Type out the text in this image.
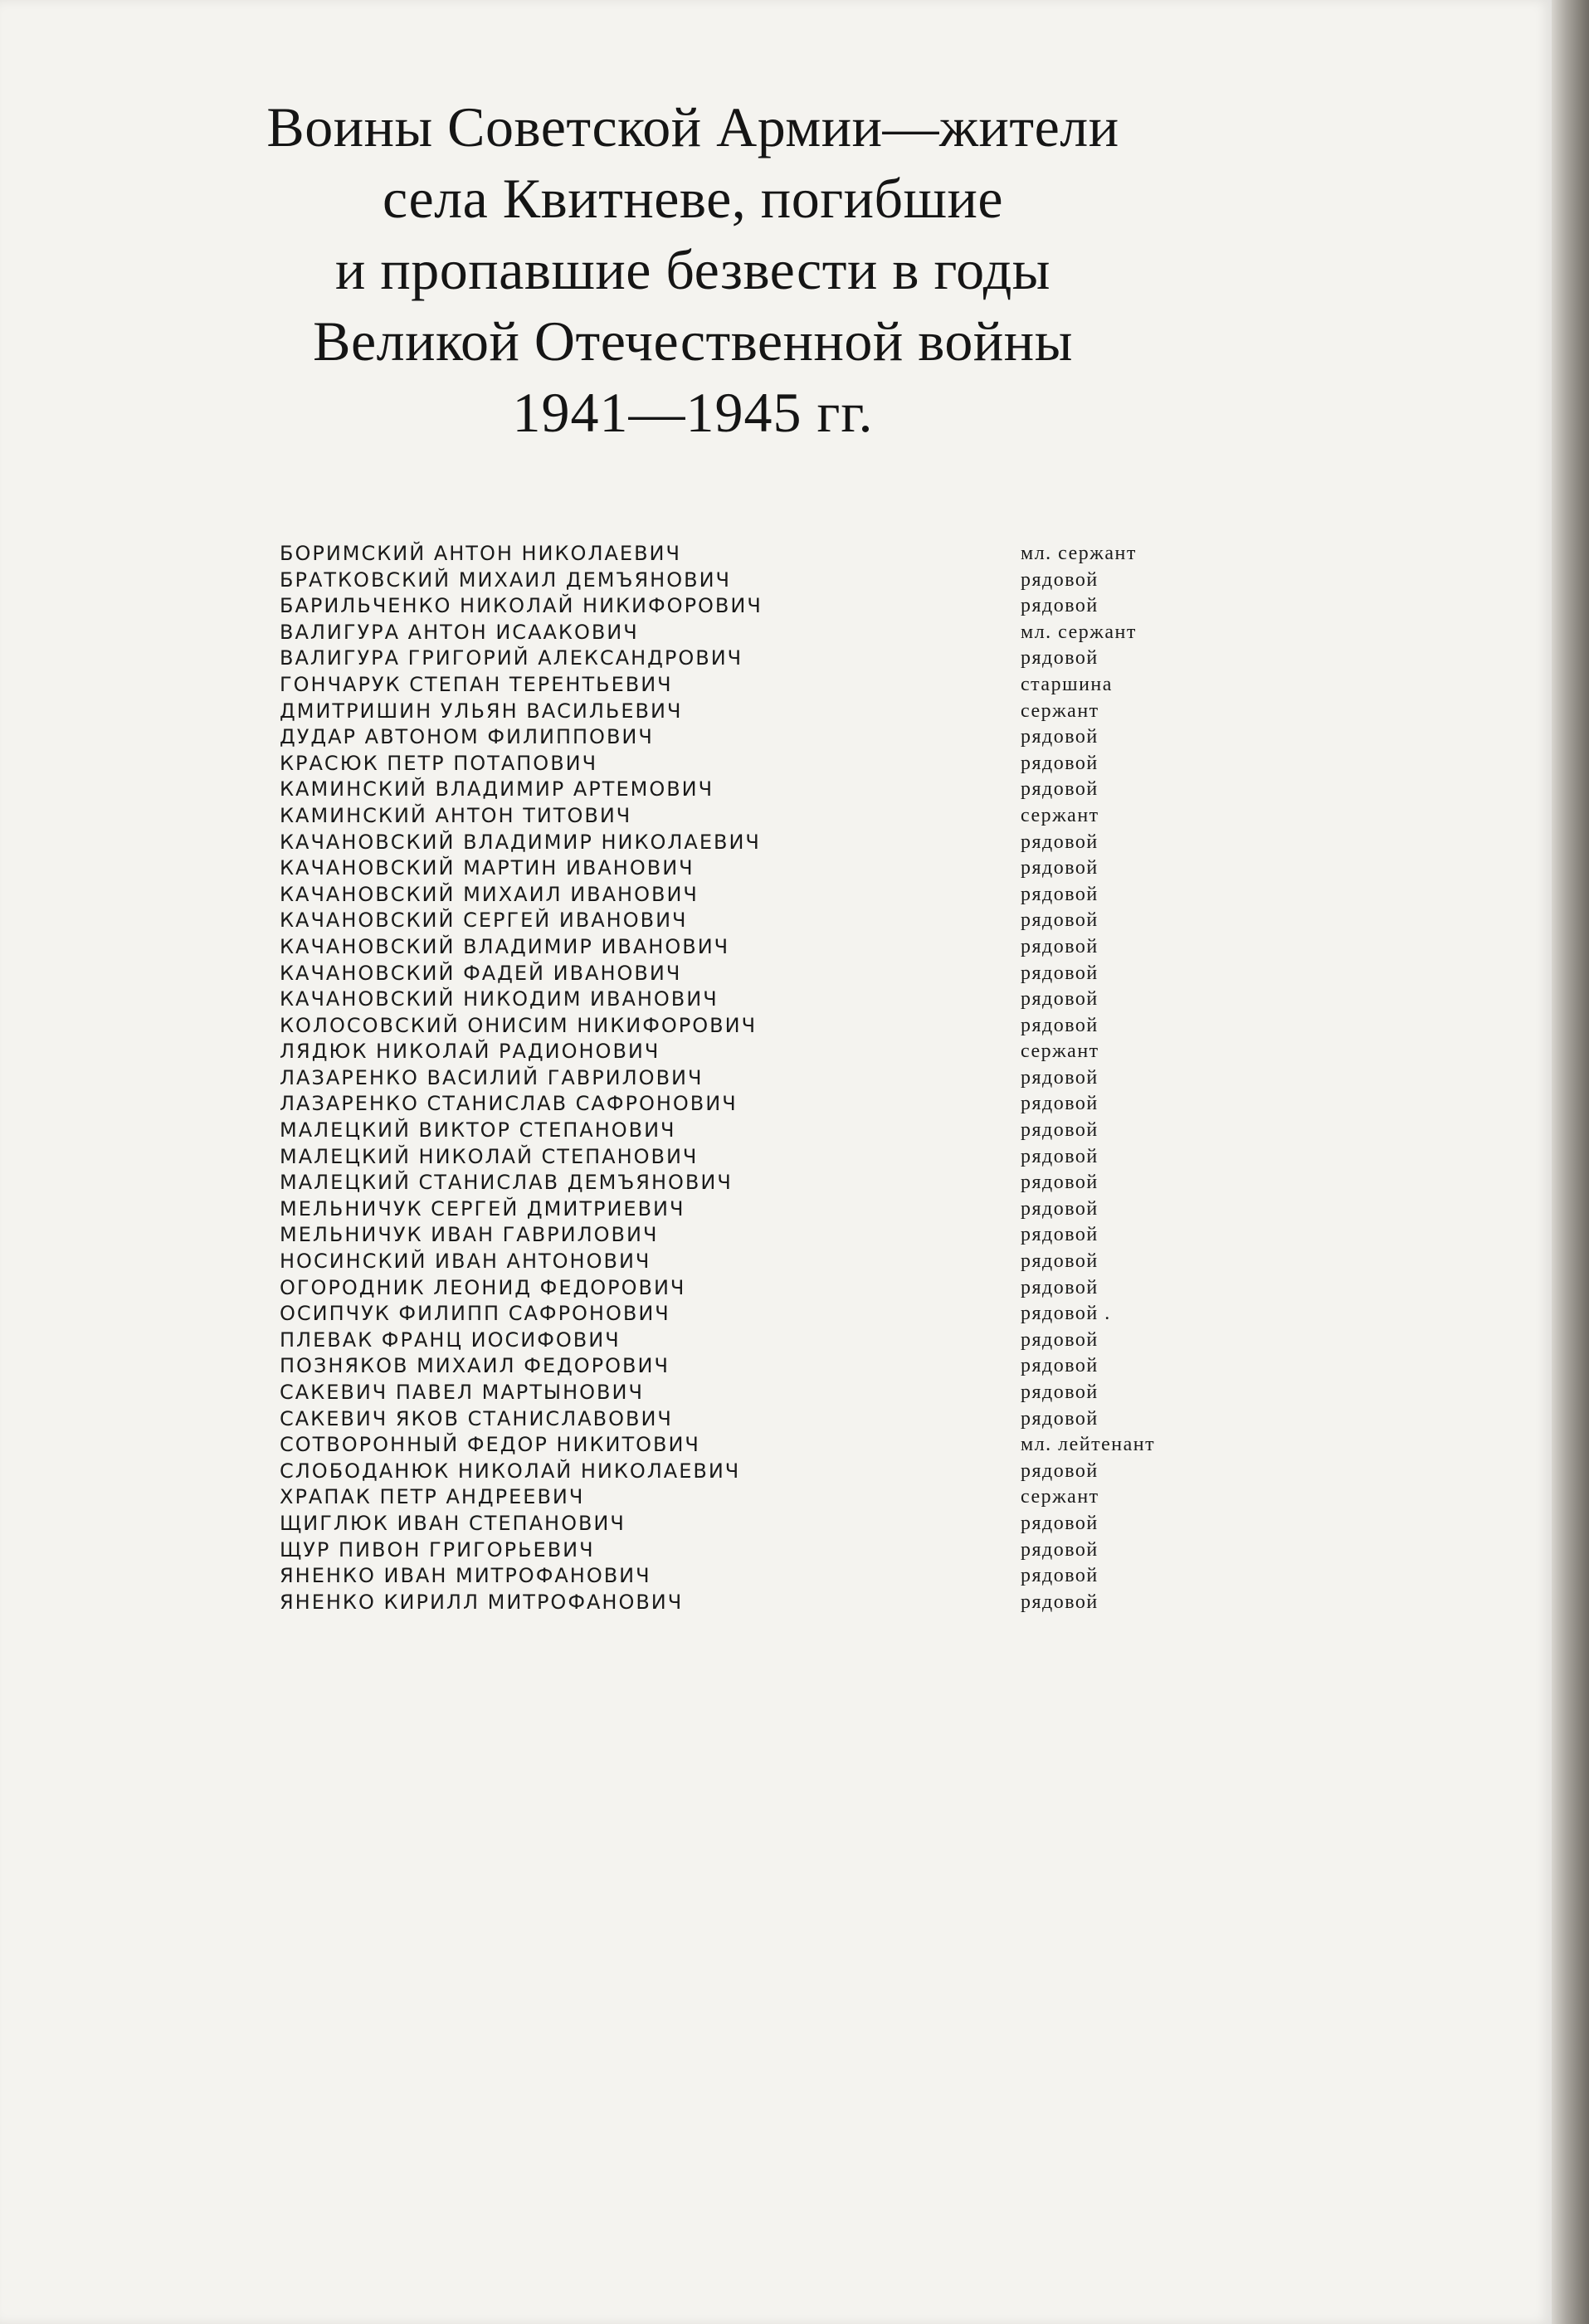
Воины Советской Армии—жители
села Квитневе, погибшие
и пропавшие безвести в годы
Великой Отечественной войны
1941—1945 гг.
БОРИМСКИЙ АНТОН НИКОЛАЕВИЧ	мл. сержант
БРАТКОВСКИЙ МИХАИЛ ДЕМЪЯНОВИЧ	рядовой
БАРИЛЬЧЕНКО НИКОЛАЙ НИКИФОРОВИЧ	рядовой
ВАЛИГУРА АНТОН ИСААКОВИЧ	мл. сержант
ВАЛИГУРА ГРИГОРИЙ АЛЕКСАНДРОВИЧ	рядовой
ГОНЧАРУК СТЕПАН ТЕРЕНТЬЕВИЧ	старшина
ДМИТРИШИН УЛЬЯН ВАСИЛЬЕВИЧ	сержант
ДУДАР АВТОНОМ ФИЛИППОВИЧ	рядовой
КРАСЮК ПЕТР ПОТАПОВИЧ	рядовой
КАМИНСКИЙ ВЛАДИМИР АРТЕМОВИЧ	рядовой
КАМИНСКИЙ АНТОН ТИТОВИЧ	сержант
КАЧАНОВСКИЙ ВЛАДИМИР НИКОЛАЕВИЧ	рядовой
КАЧАНОВСКИЙ МАРТИН ИВАНОВИЧ	рядовой
КАЧАНОВСКИЙ МИХАИЛ ИВАНОВИЧ	рядовой
КАЧАНОВСКИЙ СЕРГЕЙ ИВАНОВИЧ	рядовой
КАЧАНОВСКИЙ ВЛАДИМИР ИВАНОВИЧ	рядовой
КАЧАНОВСКИЙ ФАДЕЙ ИВАНОВИЧ	рядовой
КАЧАНОВСКИЙ НИКОДИМ ИВАНОВИЧ	рядовой
КОЛОСОВСКИЙ ОНИСИМ НИКИФОРОВИЧ	рядовой
ЛЯДЮК НИКОЛАЙ РАДИОНОВИЧ	сержант
ЛАЗАРЕНКО ВАСИЛИЙ ГАВРИЛОВИЧ	рядовой
ЛАЗАРЕНКО СТАНИСЛАВ САФРОНОВИЧ	рядовой
МАЛЕЦКИЙ ВИКТОР СТЕПАНОВИЧ	рядовой
МАЛЕЦКИЙ НИКОЛАЙ СТЕПАНОВИЧ	рядовой
МАЛЕЦКИЙ СТАНИСЛАВ ДЕМЪЯНОВИЧ	рядовой
МЕЛЬНИЧУК СЕРГЕЙ ДМИТРИЕВИЧ	рядовой
МЕЛЬНИЧУК ИВАН ГАВРИЛОВИЧ	рядовой
НОСИНСКИЙ ИВАН АНТОНОВИЧ	рядовой
ОГОРОДНИК ЛЕОНИД ФЕДОРОВИЧ	рядовой
ОСИПЧУК ФИЛИПП САФРОНОВИЧ	рядовой .
ПЛЕВАК ФРАНЦ ИОСИФОВИЧ	рядовой
ПОЗНЯКОВ МИХАИЛ ФЕДОРОВИЧ	рядовой
САКЕВИЧ ПАВЕЛ МАРТЫНОВИЧ	рядовой
САКЕВИЧ ЯКОВ СТАНИСЛАВОВИЧ	рядовой
СОТВОРОННЫЙ ФЕДОР НИКИТОВИЧ	мл. лейтенант
СЛОБОДАНЮК НИКОЛАЙ НИКОЛАЕВИЧ	рядовой
ХРАПАК ПЕТР АНДРЕЕВИЧ	сержант
ЩИГЛЮК ИВАН СТЕПАНОВИЧ	рядовой
ЩУР ПИВОН ГРИГОРЬЕВИЧ	рядовой
ЯНЕНКО ИВАН МИТРОФАНОВИЧ	рядовой
ЯНЕНКО КИРИЛЛ МИТРОФАНОВИЧ	рядовой
